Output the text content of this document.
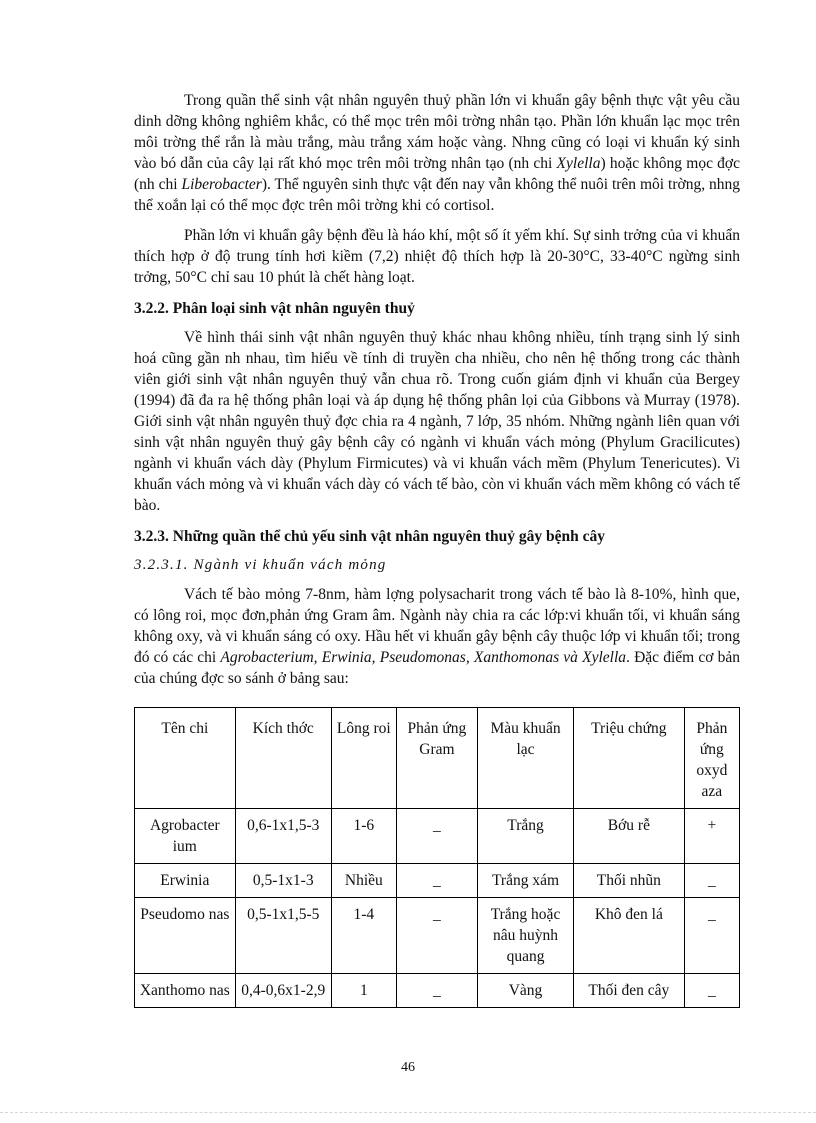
Trong quần thể sinh vật nhân nguyên thuỷ phần lớn vi khuẩn gây bệnh thực vật yêu cầu dinh dỡng không nghiêm khắc, có thể mọc trên môi trờng nhân tạo. Phần lớn khuẩn lạc mọc trên môi trờng thể rắn là màu trắng, màu trắng xám hoặc vàng. Nhng cũng có loại vi khuẩn ký sinh vào bó dẫn của cây lại rất khó mọc trên môi trờng nhân tạo (nh chi Xylella) hoặc không mọc đợc (nh chi Liberobacter). Thể nguyên sinh thực vật đến nay vẫn không thể nuôi trên môi trờng, nhng thể xoắn lại có thể mọc đợc trên môi trờng khi có cortisol.

Phần lớn vi khuẩn gây bệnh đều là háo khí, một số ít yếm khí. Sự sinh trởng của vi khuẩn thích hợp ở độ trung tính hơi kiềm (7,2) nhiệt độ thích hợp là 20-30°C, 33-40°C ngừng sinh trởng, 50°C chỉ sau 10 phút là chết hàng loạt.

3.2.2. Phân loại sinh vật nhân nguyên thuỷ

Về hình thái sinh vật nhân nguyên thuỷ khác nhau không nhiều, tính trạng sinh lý sinh hoá cũng gần nh nhau, tìm hiểu về tính di truyền cha nhiều, cho nên hệ thống trong các thành viên giới sinh vật nhân nguyên thuỷ vẫn chua rõ. Trong cuốn giám định vi khuẩn của Bergey (1994) đã đa ra hệ thống phân loại và áp dụng hệ thống phân lọi của Gibbons và Murray (1978). Giới sinh vật nhân nguyên thuỷ đợc chia ra 4 ngành, 7 lớp, 35 nhóm. Những ngành liên quan với sinh vật nhân nguyên thuỷ gây bệnh cây có ngành vi khuẩn vách mỏng (Phylum Gracilicutes) ngành vi khuẩn vách dày (Phylum Firmicutes) và vi khuẩn vách mềm (Phylum Tenericutes). Vi khuẩn vách mỏng và vi khuẩn vách dày có vách tế bào, còn vi khuẩn vách mềm không có vách tế bào.

3.2.3. Những quần thể chủ yếu sinh vật nhân nguyên thuỷ gây bệnh cây
3.2.3.1. Ngành vi khuẩn vách mỏng

Vách tế bào mỏng 7-8nm, hàm lợng polysacharit trong vách tế bào là 8-10%, hình que, có lông roi, mọc đơn,phản ứng Gram âm. Ngành này chia ra các lớp:vi khuẩn tối, vi khuẩn sáng không oxy, và vi khuẩn sáng có oxy. Hầu hết vi khuẩn gây bệnh cây thuộc lớp vi khuẩn tối; trong đó có các chi Agrobacterium, Erwinia, Pseudomonas, Xanthomonas và Xylella. Đặc điểm cơ bản của chúng đợc so sánh ở bảng sau:

Tên chi	Kích thớc	Lông roi	Phản ứng Gram	Màu khuẩn lạc	Triệu chứng	Phản ứng oxyd aza
Agrobacter ium	0,6-1x1,5-3	1-6	_	Trắng	Bớu rễ	+
Erwinia	0,5-1x1-3	Nhiều	_	Trắng xám	Thối nhũn	_
Pseudomo nas	0,5-1x1,5-5	1-4	_	Trắng hoặc nâu huỳnh quang	Khô đen lá	_
Xanthomo nas	0,4-0,6x1-2,9	1	_	Vàng	Thối đen cây	_
46
